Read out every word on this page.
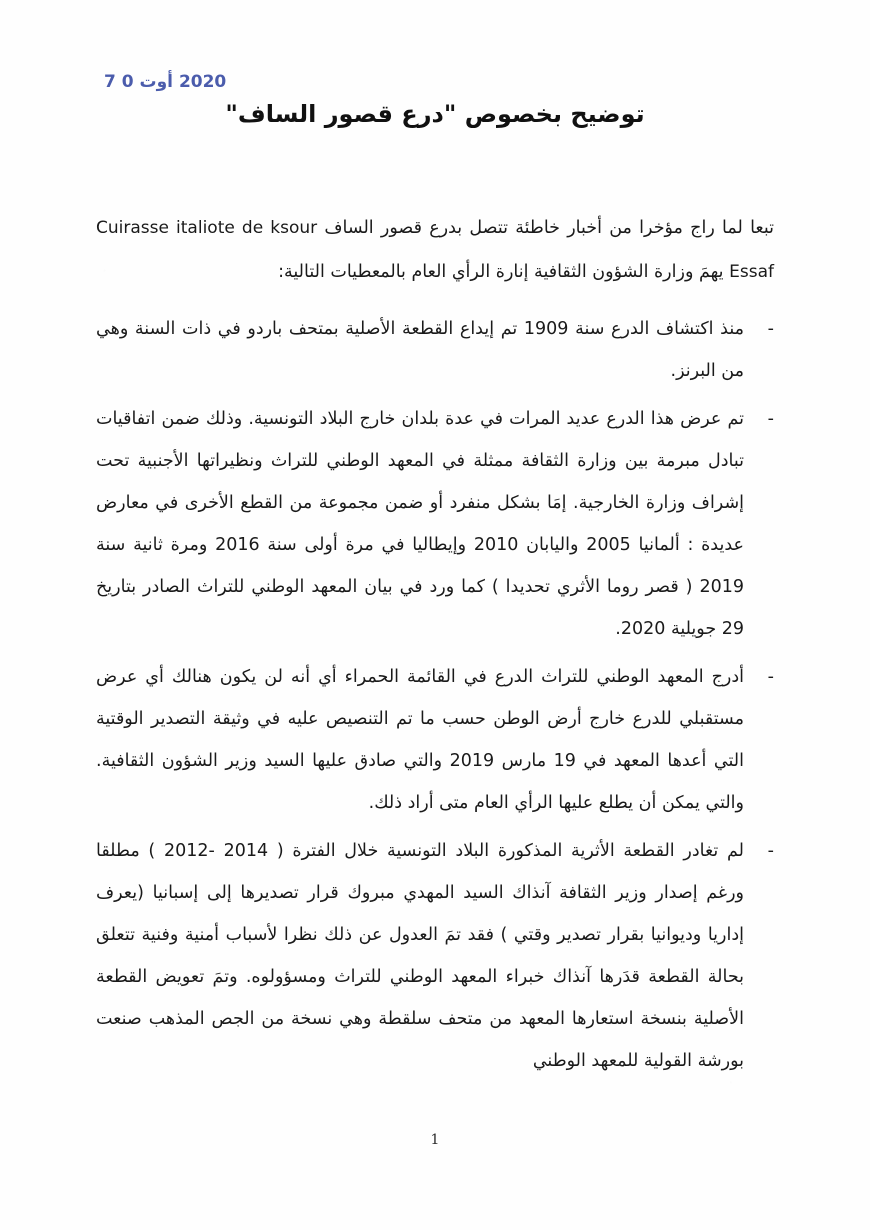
2020 أوت 0 7
توضيح بخصوص "درع قصور الساف"

تبعا لما راج مؤخرا من أخبار خاطئة تتصل بدرع قصور الساف Cuirasse italiote de ksour Essaf يهمَ وزارة الشؤون الثقافية إنارة الرأي العام بالمعطيات التالية:

-
منذ اكتشاف الدرع سنة 1909 تم إيداع القطعة الأصلية بمتحف باردو في ذات السنة وهي من البرنز.
-
تم عرض هذا الدرع عديد المرات في عدة بلدان خارج البلاد التونسية. وذلك ضمن اتفاقيات تبادل مبرمة بين وزارة الثقافة ممثلة في المعهد الوطني للتراث ونظيراتها الأجنبية تحت إشراف وزارة الخارجية. إمَا بشكل منفرد أو ضمن مجموعة من القطع الأخرى في معارض عديدة : ألمانيا 2005 واليابان 2010 وإيطاليا في مرة أولى سنة 2016 ومرة ثانية سنة 2019 ( قصر روما الأثري تحديدا ) كما ورد في بيان المعهد الوطني للتراث الصادر بتاريخ 29 جويلية 2020.
-
أدرج المعهد الوطني للتراث الدرع في القائمة الحمراء أي أنه لن يكون هنالك أي عرض مستقبلي للدرع خارج أرض الوطن حسب ما تم التنصيص عليه في وثيقة التصدير الوقتية التي أعدها المعهد في 19 مارس 2019 والتي صادق عليها السيد وزير الشؤون الثقافية. والتي يمكن أن يطلع عليها الرأي العام متى أراد ذلك.
-
لم تغادر القطعة الأثرية المذكورة البلاد التونسية خلال الفترة ( 2014 -2012 ) مطلقا ورغم إصدار وزير الثقافة آنذاك السيد المهدي مبروك قرار تصديرها إلى إسبانيا (يعرف إداريا وديوانيا بقرار تصدير وقتي ) فقد تمَ العدول عن ذلك نظرا لأسباب أمنية وفنية تتعلق بحالة القطعة قدَرها آنذاك خبراء المعهد الوطني للتراث ومسؤولوه. وتمَ تعويض القطعة الأصلية بنسخة استعارها المعهد من متحف سلقطة وهي نسخة من الجص المذهب صنعت بورشة القولية للمعهد الوطني
1
